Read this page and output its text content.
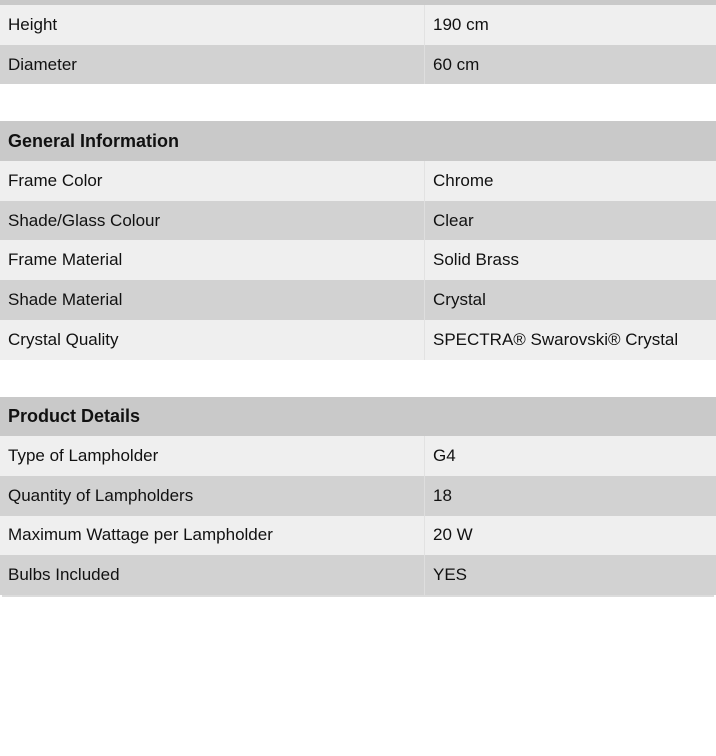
Height	190 cm
Diameter	60 cm
General Information
Frame Color	Chrome
Shade/Glass Colour	Clear
Frame Material	Solid Brass
Shade Material	Crystal
Crystal Quality	SPECTRA® Swarovski® Crystal
Product Details
Type of Lampholder	G4
Quantity of Lampholders	18
Maximum Wattage per Lampholder	20 W
Bulbs Included	YES
